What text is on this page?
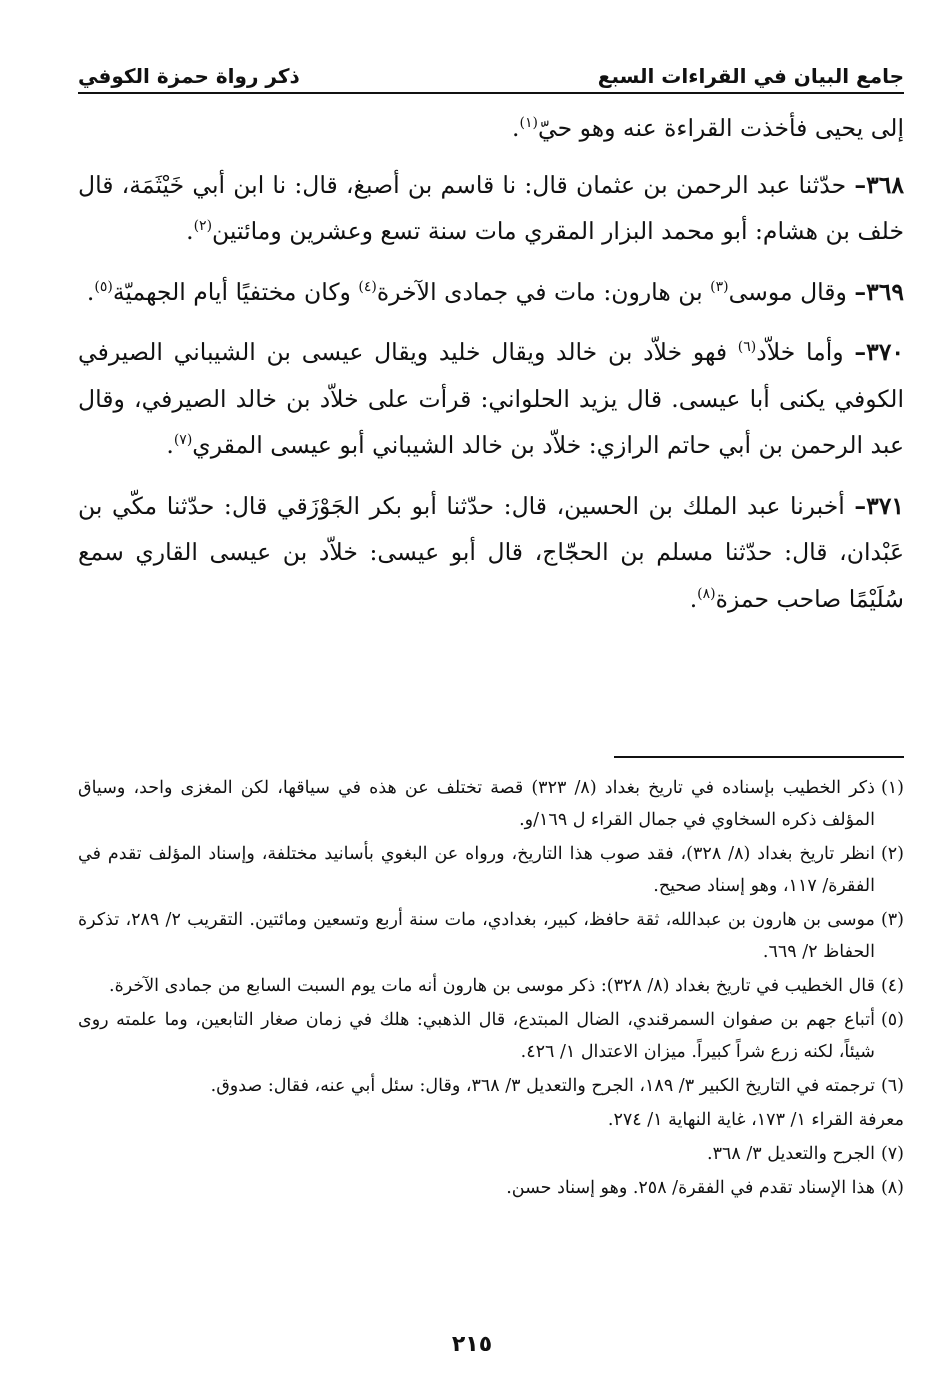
ذكر رواة حمزة الكوفي	جامع البيان في القراءات السبع

إلى يحيى فأخذت القراءة عنه وهو حيّ$^{(١)}$.

٣٦٨– حدّثنا عبد الرحمن بن عثمان قال: نا قاسم بن أصبغ، قال: نا ابن أبي خَيْثَمَة، قال خلف بن هشام: أبو محمد البزار المقري مات سنة تسع وعشرين ومائتين$^{(٢)}$.

٣٦٩– وقال موسى$^{(٣)}$ بن هارون: مات في جمادى الآخرة$^{(٤)}$ وكان مختفيًا أيام الجهميّة$^{(٥)}$.

٣٧٠– وأما خلاّد$^{(٦)}$ فهو خلاّد بن خالد ويقال خليد ويقال عيسى بن الشيباني الصيرفي الكوفي يكنى أبا عيسى. قال يزيد الحلواني: قرأت على خلاّد بن خالد الصيرفي، وقال عبد الرحمن بن أبي حاتم الرازي: خلاّد بن خالد الشيباني أبو عيسى المقري$^{(٧)}$.

٣٧١– أخبرنا عبد الملك بن الحسين، قال: حدّثنا أبو بكر الجَوْزَقي قال: حدّثنا مكّي بن عَبْدان، قال: حدّثنا مسلم بن الحجّاج، قال أبو عيسى: خلاّد بن عيسى القاري سمع سُلَيْمًا صاحب حمزة$^{(٨)}$.

(١)
ذكر الخطيب بإسناده في تاريخ بغداد (٨/ ٣٢٣) قصة تختلف عن هذه في سياقها، لكن المغزى واحد، وسياق المؤلف ذكره السخاوي في جمال القراء ل ١٦٩/و.
(٢)
انظر تاريخ بغداد (٨/ ٣٢٨)، فقد صوب هذا التاريخ، ورواه عن البغوي بأسانيد مختلفة، وإسناد المؤلف تقدم في الفقرة/ ١١٧، وهو إسناد صحيح.
(٣)
موسى بن هارون بن عبدالله، ثقة حافظ، كبير، بغدادي، مات سنة أربع وتسعين ومائتين. التقريب ٢/ ٢٨٩، تذكرة الحفاظ ٢/ ٦٦٩.
(٤)
قال الخطيب في تاريخ بغداد (٨/ ٣٢٨): ذكر موسى بن هارون أنه مات يوم السبت السابع من جمادى الآخرة.
(٥)
أتباع جهم بن صفوان السمرقندي، الضال المبتدع، قال الذهبي: هلك في زمان صغار التابعين، وما علمته روى شيئاً، لكنه زرع شراً كبيراً. ميزان الاعتدال ١/ ٤٢٦.
(٦)
ترجمته في التاريخ الكبير ٣/ ١٨٩، الجرح والتعديل ٣/ ٣٦٨، وقال: سئل أبي عنه، فقال: صدوق.
معرفة القراء ١/ ١٧٣، غاية النهاية ١/ ٢٧٤.
(٧)
الجرح والتعديل ٣/ ٣٦٨.
(٨)
هذا الإسناد تقدم في الفقرة/ ٢٥٨. وهو إسناد حسن.
٢١٥
